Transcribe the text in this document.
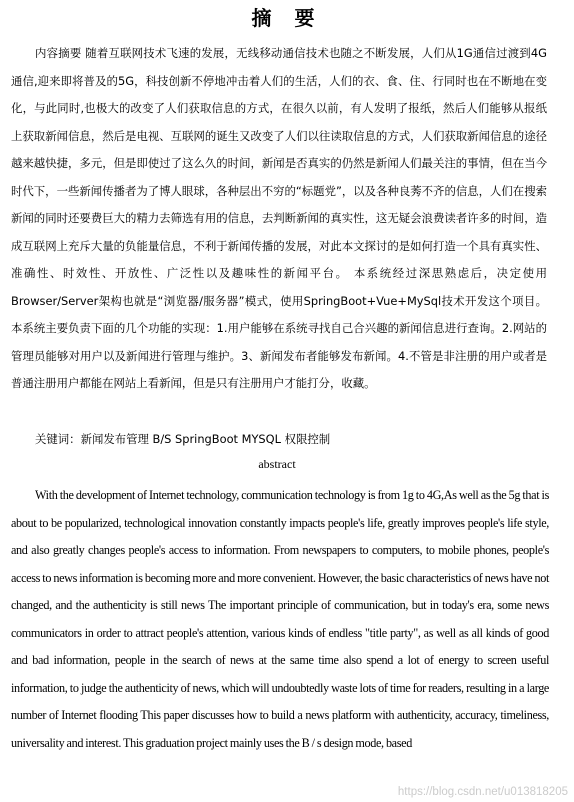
摘 要
内容摘要 随着互联网技术飞速的发展，无线移动通信技术也随之不断发展，人们从1G通信过渡到4G通信,迎来即将普及的5G，科技创新不停地冲击着人们的生活，人们的衣、食、住、行同时也在不断地在变化，与此同时,也极大的改变了人们获取信息的方式，在很久以前，有人发明了报纸，然后人们能够从报纸上获取新闻信息，然后是电视、互联网的诞生又改变了人们以往读取信息的方式，人们获取新闻信息的途径越来越快捷，多元，但是即使过了这么久的时间，新闻是否真实的仍然是新闻人们最关注的事情，但在当今时代下，一些新闻传播者为了博人眼球，各种层出不穷的“标题党”，以及各种良莠不齐的信息，人们在搜索新闻的同时还要费巨大的精力去筛选有用的信息，去判断新闻的真实性，这无疑会浪费读者许多的时间，造成互联网上充斥大量的负能量信息，不利于新闻传播的发展，对此本文探讨的是如何打造一个具有真实性、准确性、时效性、开放性、广泛性以及趣味性的新闻平台。 本系统经过深思熟虑后，决定使用Browser/Server架构也就是“浏览器/服务器”模式，使用SpringBoot+Vue+MySql技术开发这个项目。本系统主要负责下面的几个功能的实现：1.用户能够在系统寻找自己合兴趣的新闻信息进行查询。2.网站的管理员能够对用户以及新闻进行管理与维护。3、新闻发布者能够发布新闻。4.不管是非注册的用户或者是普通注册用户都能在网站上看新闻，但是只有注册用户才能打分，收藏。
关键词：新闻发布管理 B/S SpringBoot MYSQL 权限控制
abstract
With the development of Internet technology, communication technology is from 1g to 4G,As well as the 5g that is about to be popularized, technological innovation constantly impacts people's life, greatly improves people's life style, and also greatly changes people's access to information. From newspapers to computers, to mobile phones, people's access to news information is becoming more and more convenient. However, the basic characteristics of news have not changed, and the authenticity is still news The important principle of communication, but in today's era, some news communicators in order to attract people's attention, various kinds of endless "title party", as well as all kinds of good and bad information, people in the search of news at the same time also spend a lot of energy to screen useful information, to judge the authenticity of news, which will undoubtedly waste lots of time for readers, resulting in a large number of Internet flooding This paper discusses how to build a news platform with authenticity, accuracy, timeliness, universality and interest. This graduation project mainly uses the B / s design mode, based
https://blog.csdn.net/u013818205
